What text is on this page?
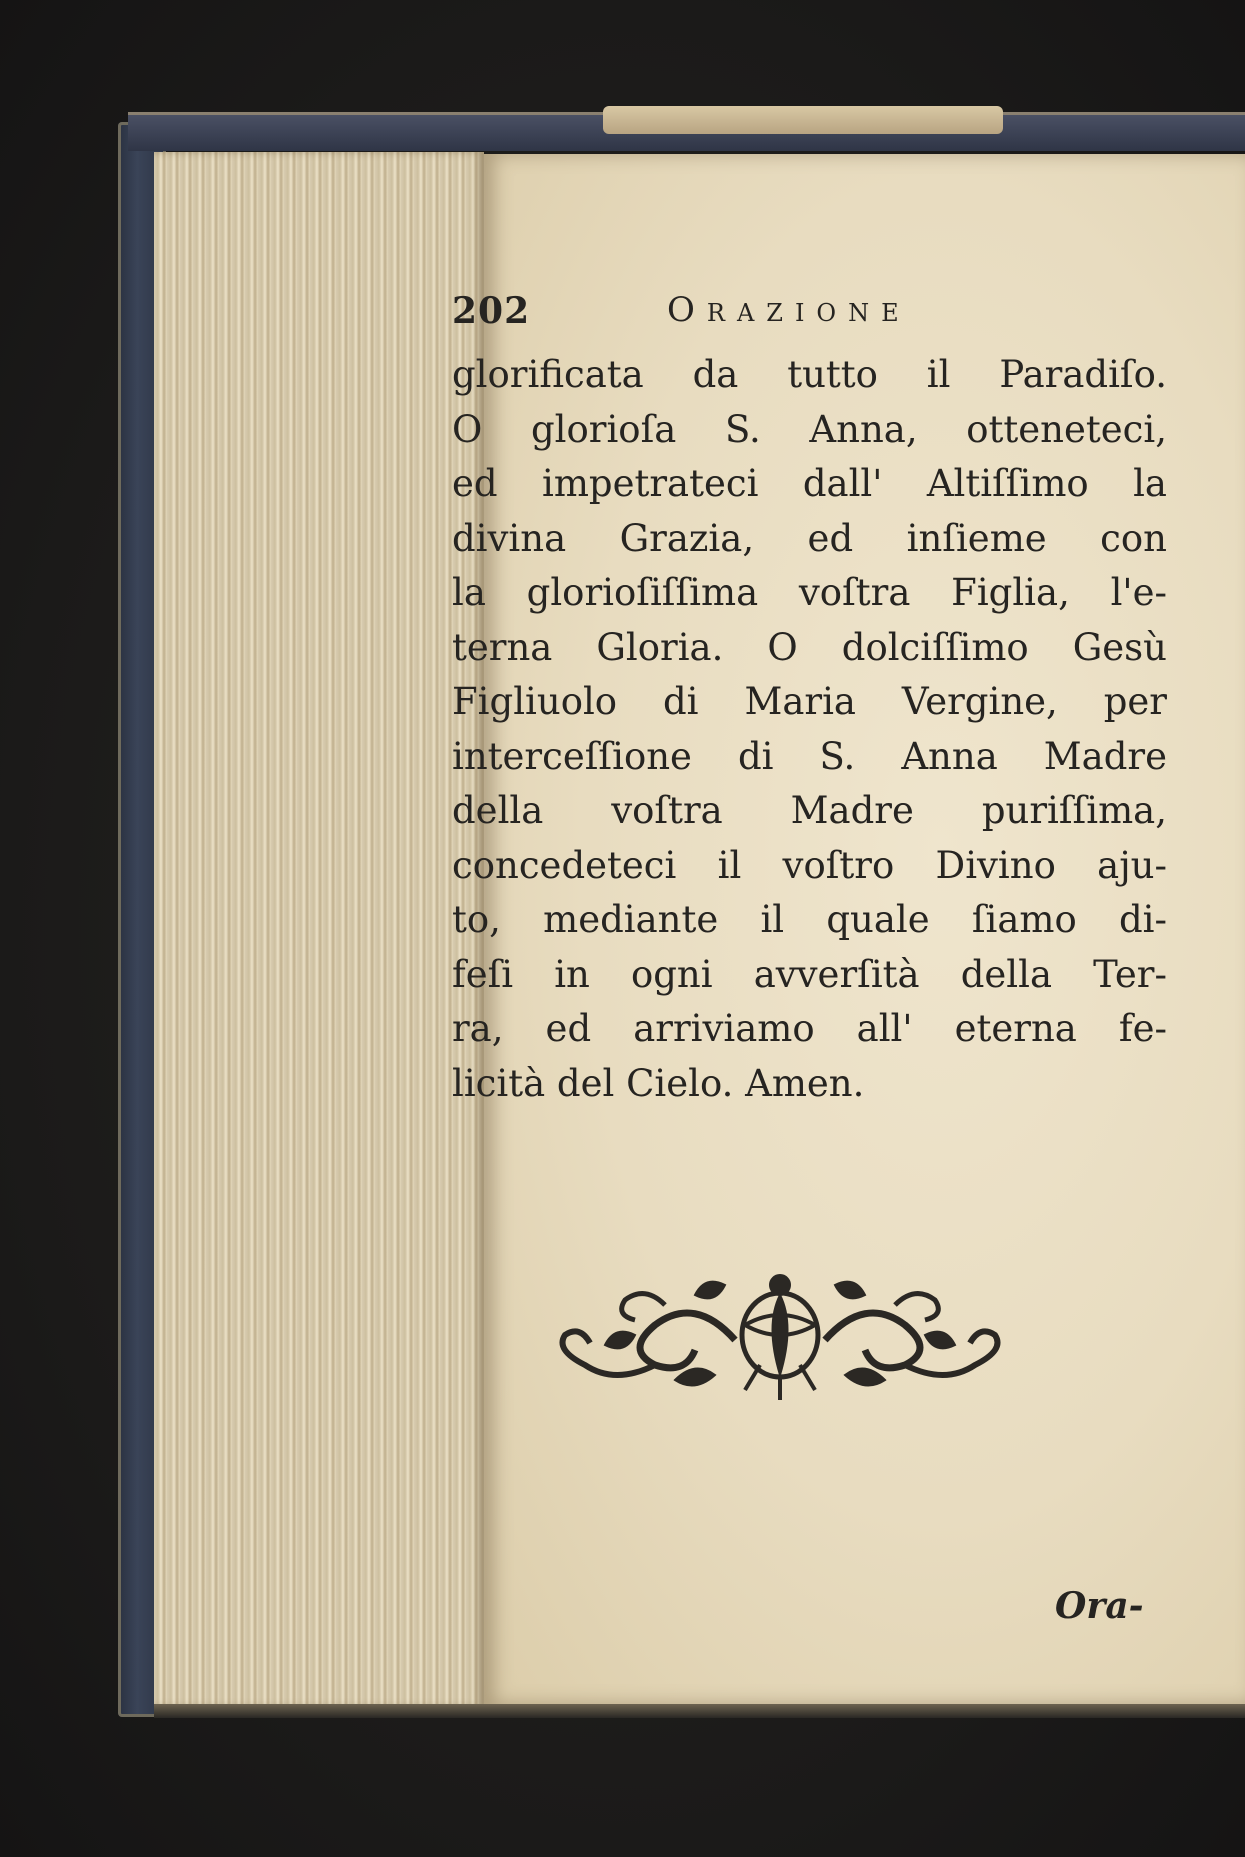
202	Orazione
glorificata da tutto il Paradiſo.
O glorioſa S. Anna, otteneteci,
ed impetrateci dall' Altiſſimo la
divina Grazia, ed inſieme con
la glorioſiſſima voſtra Figlia, l'e-
terna Gloria. O dolciſſimo Gesù
Figliuolo di Maria Vergine, per
interceſſione di S. Anna Madre
della voſtra Madre puriſſima,
concedeteci il voſtro Divino aju-
to, mediante il quale ſiamo di-
feſi in ogni avverſità della Ter-
ra, ed arriviamo all' eterna fe-
licità del Cielo. Amen.
Ora-
